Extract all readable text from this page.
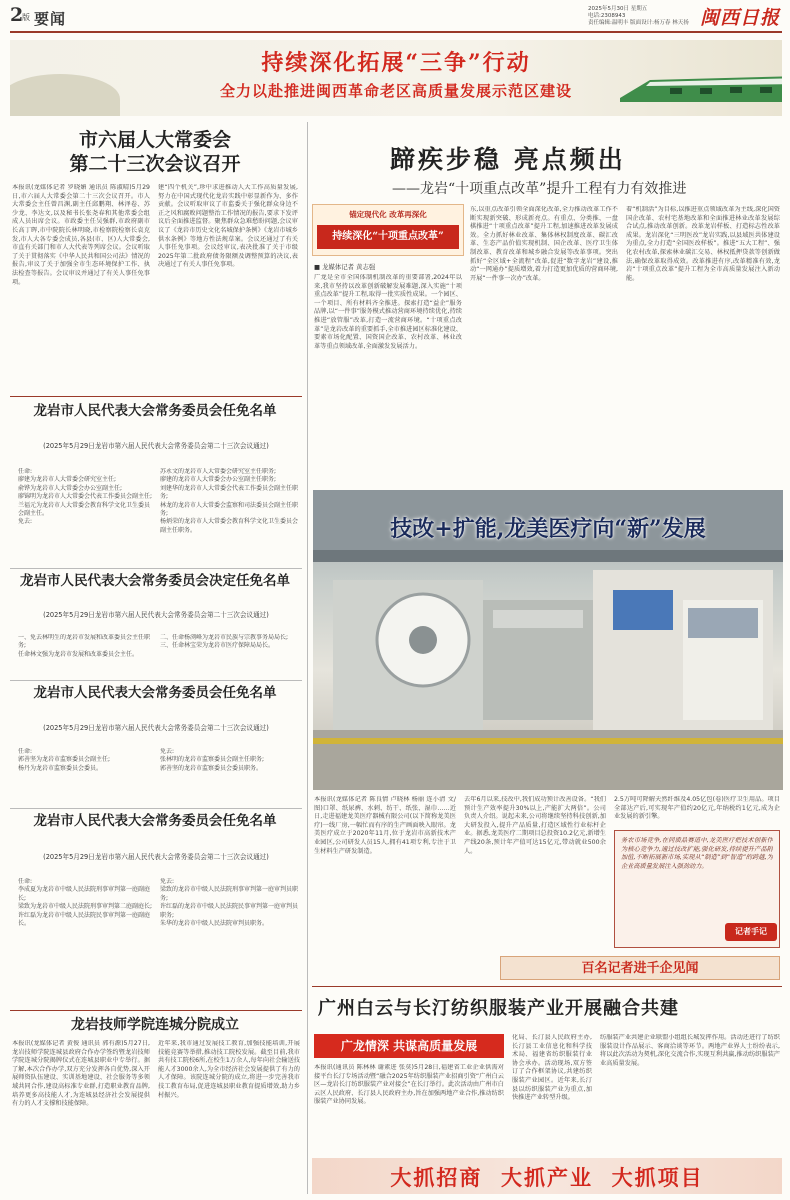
2
版 要闻
2025年5月30日 星期五
电话:2308943
责任编辑:温明丰 版面设计:杨万春 林天扬 闽西日报
持续深化拓展“三争”行动
全力以赴推进闽西革命老区高质量发展示范区建设
市六届人大常委会
第二十三次会议召开
本报讯(龙媒体记者 罗晓媚 通讯员 陈淑晴)5月29日,市六届人大常委会第二十三次会议召开。市人大常委会主任曾昌渊,副主任邱鹏翔、林泽卷、苏少龙、李达文,以及秘书长张尧春和其他常委会组成人员出席会议。市政委主任吴强群,市政府副市长高丁晖,市中院院长林明晓,市检察院检察长袁克发,市人大各专委会成员,各县(市、区)人大常委会,市直有关部门和市人大代表等列席会议。会议听取了关于贯彻落实《中华人民共和国公司法》情况的报告,审议了关于加强全市生态环境保护工作、执法检查等报告。会议审议并通过了有关人事任免事项。
建“四个机关”,珍中求进推动人大工作高质量发展,努力在中国式现代化龙岩实践中彰显新作为、多作贡献。会议听取审议了市监委关于强化群众身边不正之风和腐败问题整治工作情况的报告,要求下发评议后全面推进监督。聚焦群众急难愁盼问题,会议审议了《龙岩市历史文化名城保护条例》《龙岩市城乡供水条例》等地方性法规草案。会议还通过了有关人事任免事项。会议经审议,表决批准了关于市级2025年第二批政府债务限额及调整预算的决议,表决通过了有关人事任免事项。
龙岩市人民代表大会常务委员会任免名单
(2025年5月29日龙岩市第六届人民代表大会常务委员会第二十三次会议通过)
任命:
廖建为龙岩市人大常委会研究室主任;
俞铧为龙岩市人大常委会办公室副主任;
廖锦明为龙岩市人大常委会代表工作委员会副主任;
兰福元为龙岩市人大常委会教育科学文化卫生委员会副主任。
免去:
苏永文的龙岩市人大常委会研究室主任职务;
廖建的龙岩市人大常委会办公室副主任职务;
刘建华的龙岩市人大常委会代表工作委员会副主任职务;
林龙的龙岩市人大常委会监察和司法委员会副主任职务;
杨炳荣的龙岩市人大常委会教育科学文化卫生委员会副主任职务。
龙岩市人民代表大会常务委员会决定任免名单
(2025年5月29日龙岩市第六届人民代表大会常务委员会第二十三次会议通过)
一、免去林明生的龙岩市发展和改革委员会主任职务;
任命林文强为龙岩市发展和改革委员会主任。
二、任命杨浏峰为龙岩市民族与宗教事务局局长;
三、任命林宝荣为龙岩市医疗保障局局长。
龙岩市人民代表大会常务委员会任免名单
(2025年5月29日龙岩市第六届人民代表大会常务委员会第二十三次会议通过)
任命:
郭善坚为龙岩市监察委员会副主任;
杨丹为龙岩市监察委员会委员。
免去:
张林明的龙岩市监察委员会副主任职务;
郭善坚的龙岩市监察委员会委员职务。
龙岩市人民代表大会常务委员会任免名单
(2025年5月29日龙岩市第六届人民代表大会常务委员会第二十三次会议通过)
任命:
李成夏为龙岩市中级人民法院刑事审判第一庭副庭长;
梁致为龙岩市中级人民法院刑事审判第二庭副庭长;
许红磊为龙岩市中级人民法院民事审判第一庭副庭长。
免去:
梁致的龙岩市中级人民法院刑事审判第一庭审判员职务;
许红磊的龙岩市中级人民法院民事审判第一庭审判员职务;
朱华的龙岩市中级人民法院审判员职务。
龙岩技师学院连城分院成立
本报讯(龙媒体记者 黄俊 通讯员 郭有源)5月27日,龙岩技师学院连城县政府合作办学签约暨龙岩技师学院连城分院揭牌仪式在连城县职业中专举行。据了解,本次合作办学,双方充分发挥各自优势,深入开展师资队伍建设、实训基地建设、社会服务等多领域共同合作,建设高标准专业群,打造职业教育品牌,培养更多高技能人才,为连城县经济社会发展提供有力的人才支撑和技能保障。
近年来,我市通过发展技工教育,加强技能培训,开展技能竞赛等举措,推动技工院校发展。截至目前,我市共有技工院校6所,在校生1万余人,每年向社会输送技能人才3000余人,为全市经济社会发展提供了有力的人才保障。该院连城分院的成立,将进一步完善我市技工教育布局,促进连城县职业教育提质增效,助力乡村振兴。
蹄疾步稳 亮点频出
——龙岩“十项重点改革”提升工程有力有效推进
锚定现代化 改革再深化
持续深化“十项重点改革”
■ 龙媒体记者 黄志强
广龙是全市全国体制机制改革的重要部署,2024年以来,我市坚持以改革创新破解发展难题,深入实施“十项重点改革”提升工程,取得一批实质性成果。一个园区、一个项目、所有材料齐全推进。探索打造“益企”服务品牌,以“一件事”服务模式推动营商环境持续优化,持续推进“放管服”改革,打造一流营商环境。“十项重点改革”是龙岩改革的重要抓手,全市推进园区标准化建设、要素市场化配置、国资国企改革、农村改革、林业改革等重点领域改革,全面激发发展活力。
东,以重点改革引领全面深化改革,全力推动改革工作不断实现新突破、形成新亮点。有重点、分类推、一盘棋推进“十项重点改革”提升工程,加速推进改革发展成效。全力抓好林业改革、集体林权制度改革、碳汇改革、生态产品价值实现机制、国企改革、医疗卫生体制改革、教育改革和城乡融合发展等改革事项。突出抓好“全区域+全流程”改革,促进“数字龙岩”建设,推动“一网通办”提质增效,着力打造更加优质的营商环境,开展“一件事一次办”改革。
着“机制活”为目标,以推进重点领域改革为主线,深化国资国企改革、农村宅基地改革和全面推进林业改革发展综合试点,推动改革创新。改革龙岩样板、打造标志性改革成果。龙岩深化“三明医改”龙岩实践,以县域医共体建设为重点,全力打造“全国医改样板”。推进“五大工程”、强化农村改革,探索林业碳汇交易、林权抵押贷款等创新做法,确保改革取得成效。改革推进有序,改革精准有效,龙岩“十项重点改革”提升工程为全市高质量发展注入新动能。
技改+扩能,龙美医疗向“新”发展
本报讯(龙媒体记者 陈良情 卢晓林 杨丽 连小清 文/图)口罩、纸尿裤、水刺、纺干、纸张、湿巾……近日,走进福建龙美医疗器械有限公司(以下简称龙美医疗)一线厂房,一幅忙而有序的生产画面映入眼帘。龙美医疗成立于2020年11月,位于龙岩市高新技术产业园区,公司研发人员15人,拥有41项专利,专注于卫生材料生产研发制造。
去年6月以来,技改中,我们成功预计改善设备。“我们预计生产效率提升30%以上,产能扩大两倍”。公司负责人介绍。说起未来,公司将继续坚持科技创新,加大研发投入,提升产品质量,打造区域性行业标杆企业。据悉,龙美医疗二期项目总投资10.2亿元,新增生产线20条,预计年产值可达15亿元,带动就业500余人。
2.5万吨可降解天然纤维及4.05亿包(卷)医疗卫生用品。项目全部达产后,可实现年产值约20亿元,年纳税约1亿元,成为企业发展的新引擎。
务农市场竞争,在同质品赛道中,龙美医疗把技术创新作为核心竞争力,通过技改扩能,强化研发,持续提升产品附加值,不断拓展新市场,实现从“制造”到“智造”的跨越,为企业高质量发展注入强劲动力。
记者手记
百名记者进千企见闻
广州白云与长汀纺织服装产业开展融合共建
广龙情深 共谋高质量发展
本报讯(通讯员 陈林林 谢素进 张莫)5月28日,福建省工业企业供需对接平台长汀专场活动暨“融合2025年纺织服装产业招商引资“广州白云区—龙岩长汀纺织服装产业对接会”在长汀举行。此次活动由广州市白云区人民政府、长汀县人民政府主办,旨在加强两地产业合作,推动纺织服装产业协同发展。
化局、长汀县人民政府主办,长汀县工业信息化和科学技术局、福建省纺织服装行业协会承办。活动现场,双方签订了合作框架协议,共建纺织服装产业园区。近年来,长汀县以纺织服装产业为重点,加快推进产业转型升级。
纺服装产业共建企业联盟小组组长城发挥作用。活动还进行了纺织服装设计作品展示、客商洽谈等环节。两地产业界人士纷纷表示,将以此次活动为契机,深化交流合作,实现互利共赢,推动纺织服装产业高质量发展。
大抓招商  大抓产业  大抓项目
